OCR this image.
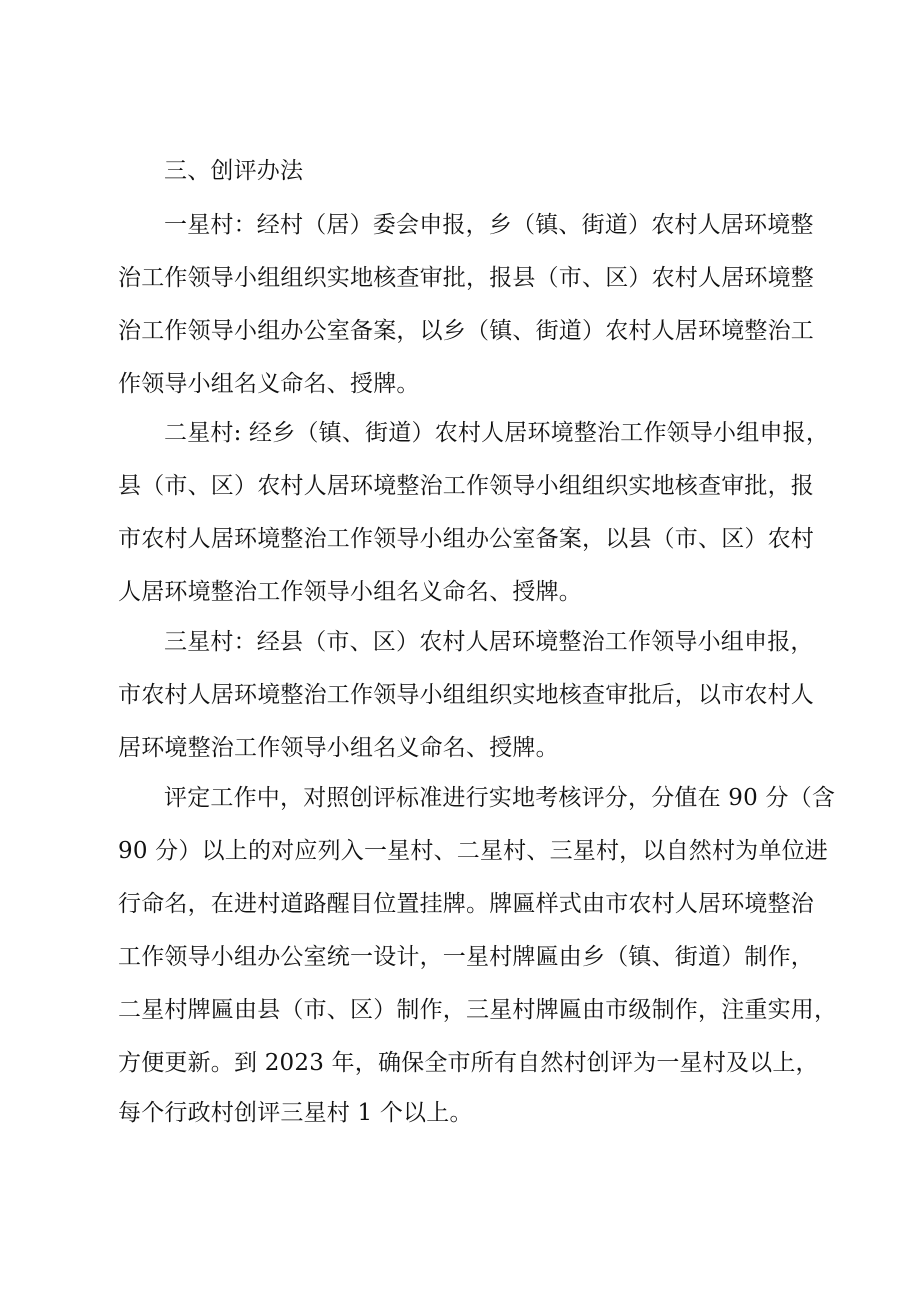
三、创评办法
一星村：经村（居）委会申报，乡（镇、街道）农村人居环境整
治工作领导小组组织实地核查审批，报县（市、区）农村人居环境整
治工作领导小组办公室备案，以乡（镇、街道）农村人居环境整治工
作领导小组名义命名、授牌。
二星村: 经乡（镇、街道）农村人居环境整治工作领导小组申报，
县（市、区）农村人居环境整治工作领导小组组织实地核查审批，报
市农村人居环境整治工作领导小组办公室备案，以县（市、区）农村
人居环境整治工作领导小组名义命名、授牌。
三星村：经县（市、区）农村人居环境整治工作领导小组申报，
市农村人居环境整治工作领导小组组织实地核查审批后，以市农村人
居环境整治工作领导小组名义命名、授牌。
评定工作中，对照创评标准进行实地考核评分，分值在 90 分（含
90 分）以上的对应列入一星村、二星村、三星村，以自然村为单位进
行命名，在进村道路醒目位置挂牌。牌匾样式由市农村人居环境整治
工作领导小组办公室统一设计，一星村牌匾由乡（镇、街道）制作，
二星村牌匾由县（市、区）制作，三星村牌匾由市级制作，注重实用，
方便更新。到 2023 年，确保全市所有自然村创评为一星村及以上，
每个行政村创评三星村 1 个以上。
